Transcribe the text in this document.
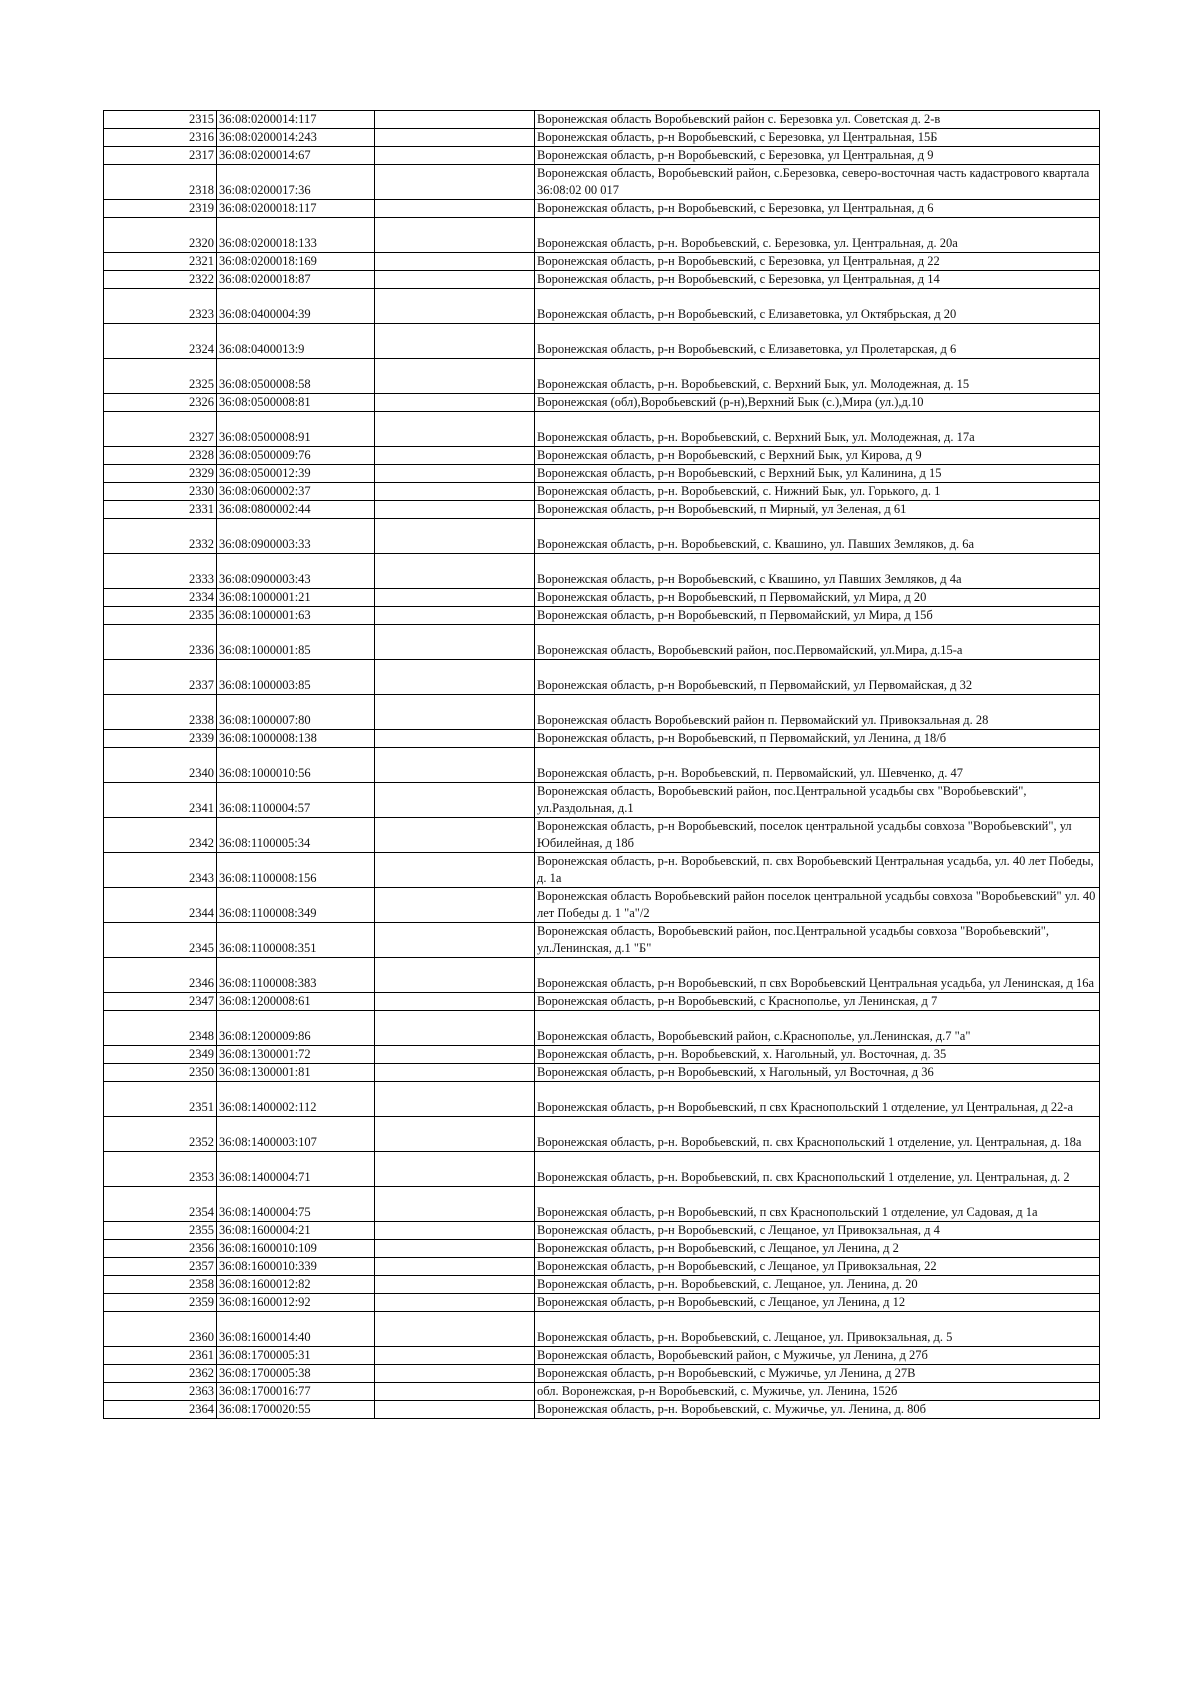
2315	36:08:0200014:117		Воронежская область Воробьевский район с. Березовка ул. Советская д. 2-в
2316	36:08:0200014:243		Воронежская область, р-н Воробьевский, с Березовка, ул Центральная, 15Б
2317	36:08:0200014:67		Воронежская область, р-н Воробьевский, с Березовка, ул Центральная, д 9
2318	36:08:0200017:36		Воронежская область, Воробьевский район, с.Березовка, северо-восточная часть кадастрового квартала 36:08:02 00 017
2319	36:08:0200018:117		Воронежская область, р-н Воробьевский, с Березовка, ул Центральная, д 6
2320	36:08:0200018:133		Воронежская область, р-н. Воробьевский, с. Березовка, ул. Центральная, д. 20а
2321	36:08:0200018:169		Воронежская область, р-н Воробьевский, с Березовка, ул Центральная, д 22
2322	36:08:0200018:87		Воронежская область, р-н Воробьевский, с Березовка, ул Центральная, д 14
2323	36:08:0400004:39		Воронежская область, р-н Воробьевский, с Елизаветовка, ул Октябрьская, д 20
2324	36:08:0400013:9		Воронежская область, р-н Воробьевский, с Елизаветовка, ул Пролетарская, д 6
2325	36:08:0500008:58		Воронежская область, р-н. Воробьевский, с. Верхний Бык, ул. Молодежная, д. 15
2326	36:08:0500008:81		Воронежская (обл),Воробьевский (р-н),Верхний Бык (с.),Мира (ул.),д.10
2327	36:08:0500008:91		Воронежская область, р-н. Воробьевский, с. Верхний Бык, ул. Молодежная, д. 17а
2328	36:08:0500009:76		Воронежская область, р-н Воробьевский, с Верхний Бык, ул Кирова, д 9
2329	36:08:0500012:39		Воронежская область, р-н Воробьевский, с Верхний Бык, ул Калинина, д 15
2330	36:08:0600002:37		Воронежская область, р-н. Воробьевский, с. Нижний Бык, ул. Горького, д. 1
2331	36:08:0800002:44		Воронежская область, р-н Воробьевский, п Мирный, ул Зеленая, д 61
2332	36:08:0900003:33		Воронежская область, р-н. Воробьевский, с. Квашино, ул. Павших Земляков, д. 6а
2333	36:08:0900003:43		Воронежская область, р-н Воробьевский, с Квашино, ул Павших Земляков, д 4а
2334	36:08:1000001:21		Воронежская область, р-н Воробьевский, п Первомайский, ул Мира, д 20
2335	36:08:1000001:63		Воронежская область, р-н Воробьевский, п Первомайский, ул Мира, д 15б
2336	36:08:1000001:85		Воронежская область, Воробьевский район, пос.Первомайский, ул.Мира, д.15-а
2337	36:08:1000003:85		Воронежская область, р-н Воробьевский, п Первомайский, ул Первомайская, д 32
2338	36:08:1000007:80		Воронежская область Воробьевский район п. Первомайский ул. Привокзальная д. 28
2339	36:08:1000008:138		Воронежская область, р-н Воробьевский, п Первомайский, ул Ленина, д 18/б
2340	36:08:1000010:56		Воронежская область, р-н. Воробьевский, п. Первомайский, ул. Шевченко, д. 47
2341	36:08:1100004:57		Воронежская область, Воробьевский район, пос.Центральной усадьбы свх "Воробьевский", ул.Раздольная, д.1
2342	36:08:1100005:34		Воронежская область, р-н Воробьевский, поселок центральной усадьбы совхоза "Воробьевский", ул Юбилейная, д 18б
2343	36:08:1100008:156		Воронежская область, р-н. Воробьевский, п. свх Воробьевский Центральная усадьба, ул. 40 лет Победы, д. 1а
2344	36:08:1100008:349		Воронежская область Воробьевский район поселок центральной усадьбы совхоза "Воробьевский" ул. 40 лет Победы д. 1 "а"/2
2345	36:08:1100008:351		Воронежская область, Воробьевский район, пос.Центральной усадьбы совхоза "Воробьевский", ул.Ленинская, д.1 "Б"
2346	36:08:1100008:383		Воронежская область, р-н Воробьевский, п свх Воробьевский Центральная усадьба, ул Ленинская, д 16а
2347	36:08:1200008:61		Воронежская область, р-н Воробьевский, с Краснополье, ул Ленинская, д 7
2348	36:08:1200009:86		Воронежская область, Воробьевский район, с.Краснополье, ул.Ленинская, д.7 "а"
2349	36:08:1300001:72		Воронежская область, р-н. Воробьевский, х. Нагольный, ул. Восточная, д. 35
2350	36:08:1300001:81		Воронежская область, р-н Воробьевский, х Нагольный, ул Восточная, д 36
2351	36:08:1400002:112		Воронежская область, р-н Воробьевский, п свх Краснопольский 1 отделение, ул Центральная, д 22-а
2352	36:08:1400003:107		Воронежская область, р-н. Воробьевский, п. свх Краснопольский 1 отделение, ул. Центральная, д. 18а
2353	36:08:1400004:71		Воронежская область, р-н. Воробьевский, п. свх Краснопольский 1 отделение, ул. Центральная, д. 2
2354	36:08:1400004:75		Воронежская область, р-н Воробьевский, п свх Краснопольский 1 отделение, ул Садовая, д 1а
2355	36:08:1600004:21		Воронежская область, р-н Воробьевский, с Лещаное, ул Привокзальная, д 4
2356	36:08:1600010:109		Воронежская область, р-н Воробьевский, с Лещаное, ул Ленина, д 2
2357	36:08:1600010:339		Воронежская область, р-н Воробьевский, с Лещаное, ул Привокзальная, 22
2358	36:08:1600012:82		Воронежская область, р-н. Воробьевский, с. Лещаное, ул. Ленина, д. 20
2359	36:08:1600012:92		Воронежская область, р-н Воробьевский, с Лещаное, ул Ленина, д 12
2360	36:08:1600014:40		Воронежская область, р-н. Воробьевский, с. Лещаное, ул. Привокзальная, д. 5
2361	36:08:1700005:31		Воронежская область, Воробьевский район, с Мужичье, ул Ленина, д 27б
2362	36:08:1700005:38		Воронежская область, р-н Воробьевский, с Мужичье, ул Ленина, д 27В
2363	36:08:1700016:77		обл. Воронежская, р-н Воробьевский, с. Мужичье, ул. Ленина, 152б
2364	36:08:1700020:55		Воронежская область, р-н. Воробьевский, с. Мужичье, ул. Ленина, д. 80б
